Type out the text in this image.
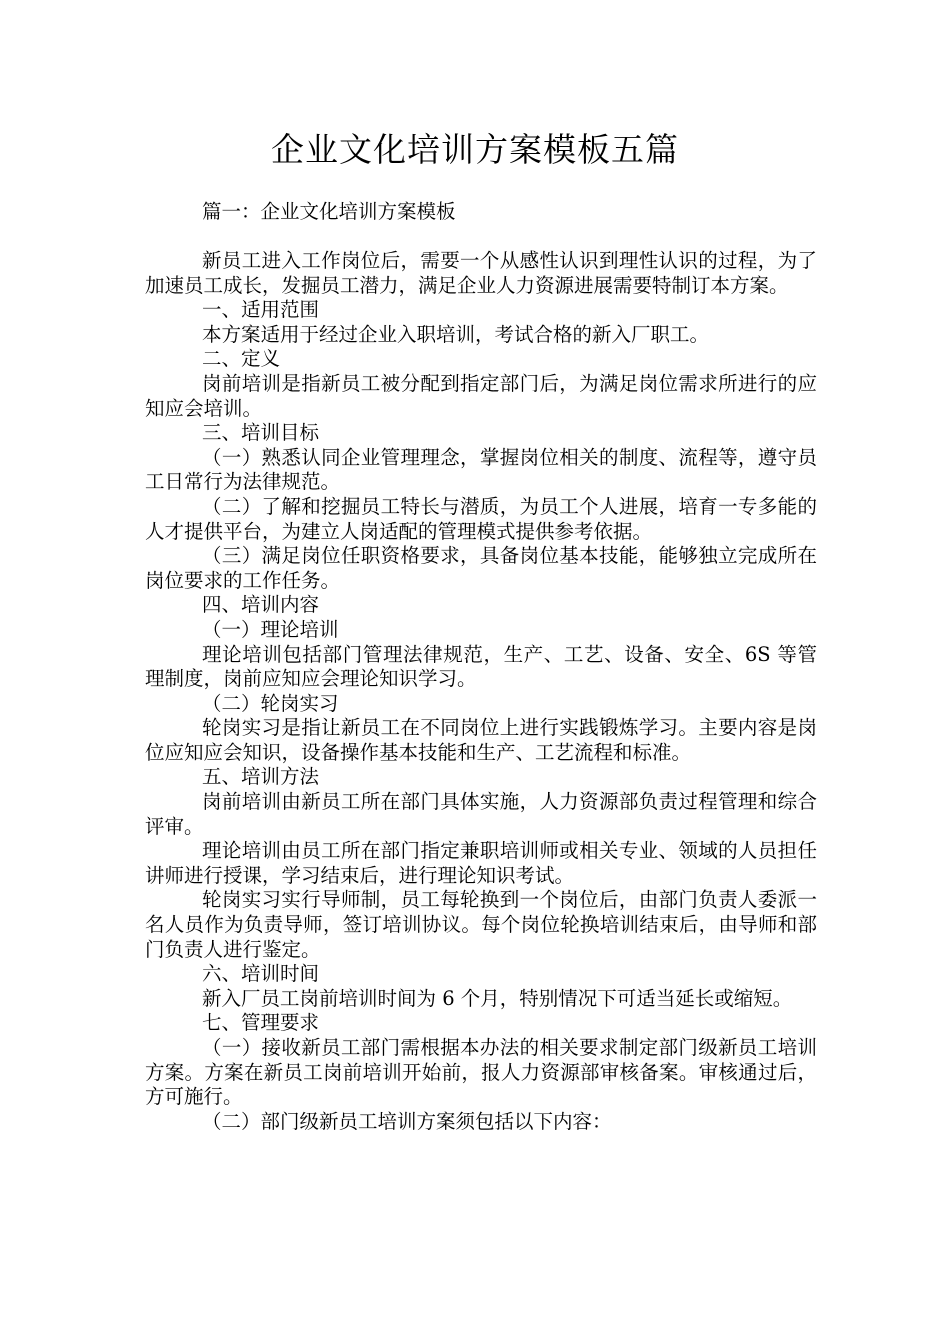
企业文化培训方案模板五篇

篇一：企业文化培训方案模板

新员工进入工作岗位后，需要一个从感性认识到理性认识的过程，为了加速员工成长，发掘员工潜力，满足企业人力资源进展需要特制订本方案。

一、适用范围

本方案适用于经过企业入职培训，考试合格的新入厂职工。

二、定义

岗前培训是指新员工被分配到指定部门后，为满足岗位需求所进行的应知应会培训。

三、培训目标

（一）熟悉认同企业管理理念，掌握岗位相关的制度、流程等，遵守员工日常行为法律规范。

（二）了解和挖掘员工特长与潜质，为员工个人进展，培育一专多能的人才提供平台，为建立人岗适配的管理模式提供参考依据。

（三）满足岗位任职资格要求，具备岗位基本技能，能够独立完成所在岗位要求的工作任务。

四、培训内容

（一）理论培训

理论培训包括部门管理法律规范，生产、工艺、设备、安全、6S 等管理制度，岗前应知应会理论知识学习。

（二）轮岗实习

轮岗实习是指让新员工在不同岗位上进行实践锻炼学习。主要内容是岗位应知应会知识，设备操作基本技能和生产、工艺流程和标准。

五、培训方法

岗前培训由新员工所在部门具体实施，人力资源部负责过程管理和综合评审。

理论培训由员工所在部门指定兼职培训师或相关专业、领域的人员担任讲师进行授课，学习结束后，进行理论知识考试。

轮岗实习实行导师制，员工每轮换到一个岗位后，由部门负责人委派一名人员作为负责导师，签订培训协议。每个岗位轮换培训结束后，由导师和部门负责人进行鉴定。

六、培训时间

新入厂员工岗前培训时间为 6 个月，特别情况下可适当延长或缩短。

七、管理要求

（一）接收新员工部门需根据本办法的相关要求制定部门级新员工培训方案。方案在新员工岗前培训开始前，报人力资源部审核备案。审核通过后，方可施行。

（二）部门级新员工培训方案须包括以下内容：
